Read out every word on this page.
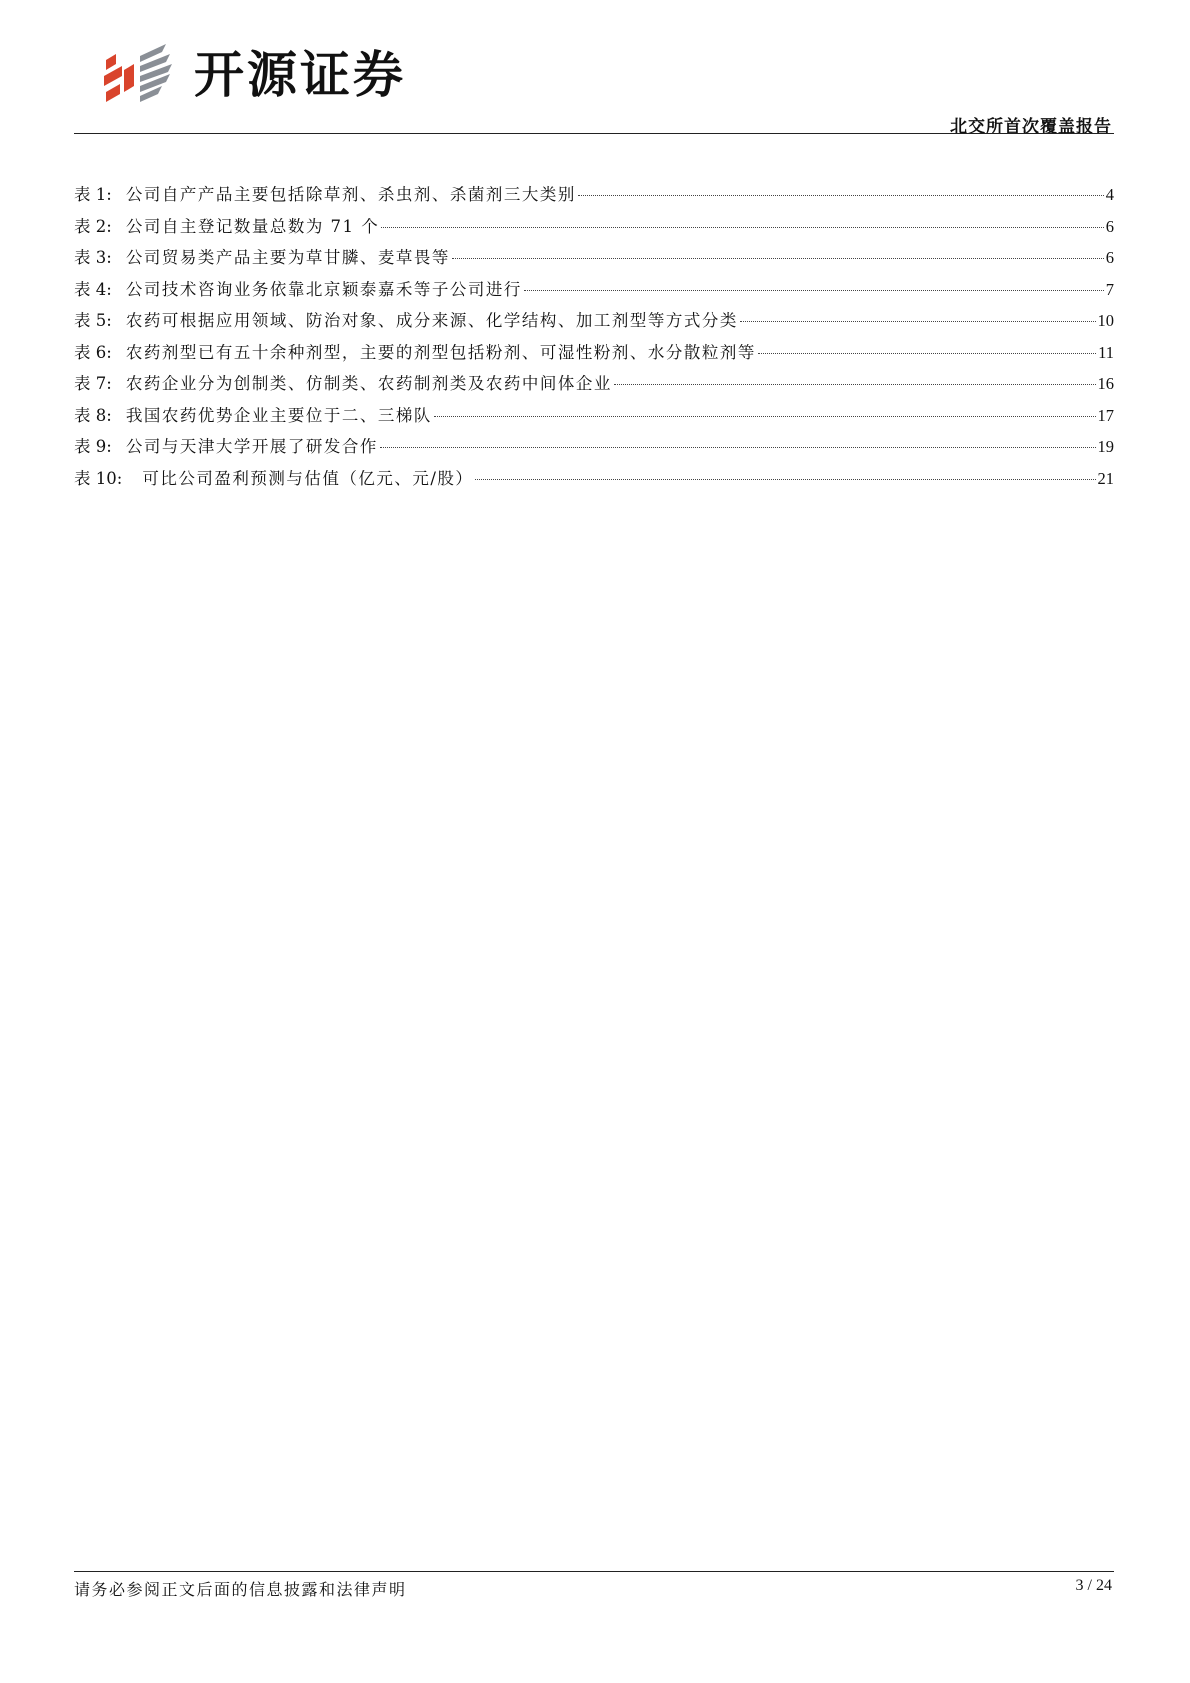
开源证券
北交所首次覆盖报告
表 1: 公司自产产品主要包括除草剂、杀虫剂、杀菌剂三大类别	4
表 2: 公司自主登记数量总数为 71 个	6
表 3: 公司贸易类产品主要为草甘膦、麦草畏等	6
表 4: 公司技术咨询业务依靠北京颖泰嘉禾等子公司进行	7
表 5: 农药可根据应用领域、防治对象、成分来源、化学结构、加工剂型等方式分类	10
表 6: 农药剂型已有五十余种剂型，主要的剂型包括粉剂、可湿性粉剂、水分散粒剂等	11
表 7: 农药企业分为创制类、仿制类、农药制剂类及农药中间体企业	16
表 8: 我国农药优势企业主要位于二、三梯队	17
表 9: 公司与天津大学开展了研发合作	19
表 10: 可比公司盈利预测与估值（亿元、元/股）	21
请务必参阅正文后面的信息披露和法律声明	3 / 24
